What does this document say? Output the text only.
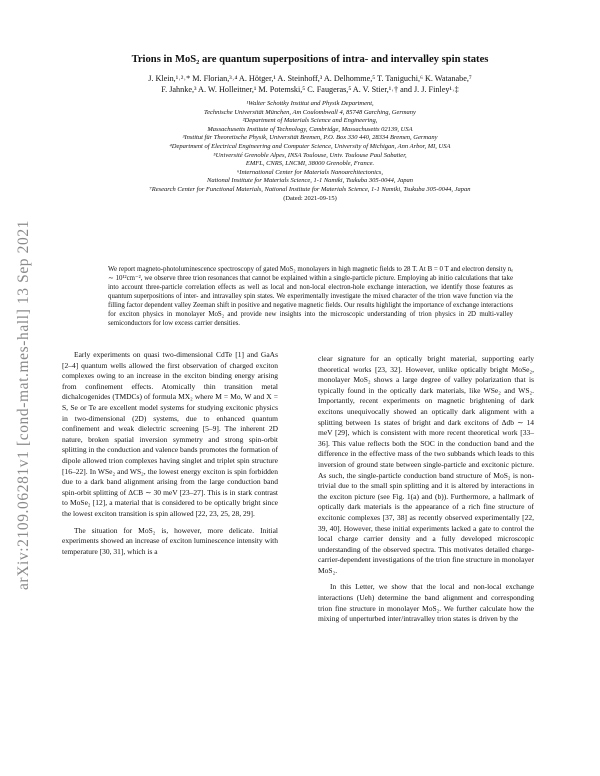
arXiv:2109.06281v1 [cond-mat.mes-hall] 13 Sep 2021
Trions in MoS₂ are quantum superpositions of intra- and intervalley spin states
J. Klein,¹˒²˒* M. Florian,³˒⁴ A. Hötger,¹ A. Steinhoff,³ A. Delhomme,⁵ T. Taniguchi,⁶ K. Watanabe,⁷
F. Jahnke,³ A. W. Holleitner,¹ M. Potemski,⁵ C. Faugeras,⁵ A. V. Stier,¹˒† and J. J. Finley¹˒‡
¹Walter Schottky Institut and Physik Department,
Technische Universität München, Am Coulombwall 4, 85748 Garching, Germany
²Department of Materials Science and Engineering,
Massachusetts Institute of Technology, Cambridge, Massachusetts 02139, USA
³Institut für Theoretische Physik, Universität Bremen, P.O. Box 330 440, 28334 Bremen, Germany
⁴Department of Electrical Engineering and Computer Science, University of Michigan, Ann Arbor, MI, USA
⁵Université Grenoble Alpes, INSA Toulouse, Univ. Toulouse Paul Sabatier,
EMFL, CNRS, LNCMI, 38000 Grenoble, France.
⁶International Center for Materials Nanoarchitectonics,
National Institute for Materials Science, 1-1 Namiki, Tsukuba 305-0044, Japan
⁷Research Center for Functional Materials, National Institute for Materials Science, 1-1 Namiki, Tsukuba 305-0044, Japan
(Dated: 2021-09-15)
We report magneto-photoluminescence spectroscopy of gated MoS₂ monolayers in high magnetic fields to 28 T. At B = 0 T and electron density nₑ ∼ 10¹²cm⁻², we observe three trion resonances that cannot be explained within a single-particle picture. Employing ab initio calculations that take into account three-particle correlation effects as well as local and non-local electron-hole exchange interaction, we identify those features as quantum superpositions of inter- and intravalley spin states. We experimentally investigate the mixed character of the trion wave function via the filling factor dependent valley Zeeman shift in positive and negative magnetic fields. Our results highlight the importance of exchange interactions for exciton physics in monolayer MoS₂ and provide new insights into the microscopic understanding of trion physics in 2D multi-valley semiconductors for low excess carrier densities.

Early experiments on quasi two-dimensional CdTe [1] and GaAs [2–4] quantum wells allowed the first observation of charged exciton complexes owing to an increase in the exciton binding energy arising from confinement effects. Atomically thin transition metal dichalcogenides (TMDCs) of formula MX₂ where M = Mo, W and X = S, Se or Te are excellent model systems for studying excitonic physics in two-dimensional (2D) systems, due to enhanced quantum confinement and weak dielectric screening [5–9]. The inherent 2D nature, broken spatial inversion symmetry and strong spin-orbit splitting in the conduction and valence bands promotes the formation of dipole allowed trion complexes having singlet and triplet spin structure [16–22]. In WSe₂ and WS₂, the lowest energy exciton is spin forbidden due to a dark band alignment arising from the large conduction band spin-orbit splitting of ΔCB ∼ 30 meV [23–27]. This is in stark contrast to MoSe₂ [12], a material that is considered to be optically bright since the lowest exciton transition is spin allowed [22, 23, 25, 28, 29].

The situation for MoS₂ is, however, more delicate. Initial experiments showed an increase of exciton luminescence intensity with temperature [30, 31], which is a

clear signature for an optically bright material, supporting early theoretical works [23, 32]. However, unlike optically bright MoSe₂, monolayer MoS₂ shows a large degree of valley polarization that is typically found in the optically dark materials, like WSe₂ and WS₂. Importantly, recent experiments on magnetic brightening of dark excitons unequivocally showed an optically dark alignment with a splitting between 1s states of bright and dark excitons of Δdb ∼ 14 meV [29], which is consistent with more recent theoretical work [33–36]. This value reflects both the SOC in the conduction band and the difference in the effective mass of the two subbands which leads to this inversion of ground state between single-particle and excitonic picture. As such, the single-particle conduction band structure of MoS₂ is non-trivial due to the small spin splitting and it is altered by interactions in the exciton picture (see Fig. 1(a) and (b)). Furthermore, a hallmark of optically dark materials is the appearance of a rich fine structure of excitonic complexes [37, 38] as recently observed experimentally [22, 39, 40]. However, these initial experiments lacked a gate to control the local charge carrier density and a fully developed microscopic understanding of the observed spectra. This motivates detailed charge-carrier-dependent investigations of the trion fine structure in monolayer MoS₂.

In this Letter, we show that the local and non-local exchange interactions (Ueh) determine the band alignment and corresponding trion fine structure in monolayer MoS₂. We further calculate how the mixing of unperturbed inter/intravalley trion states is driven by the
